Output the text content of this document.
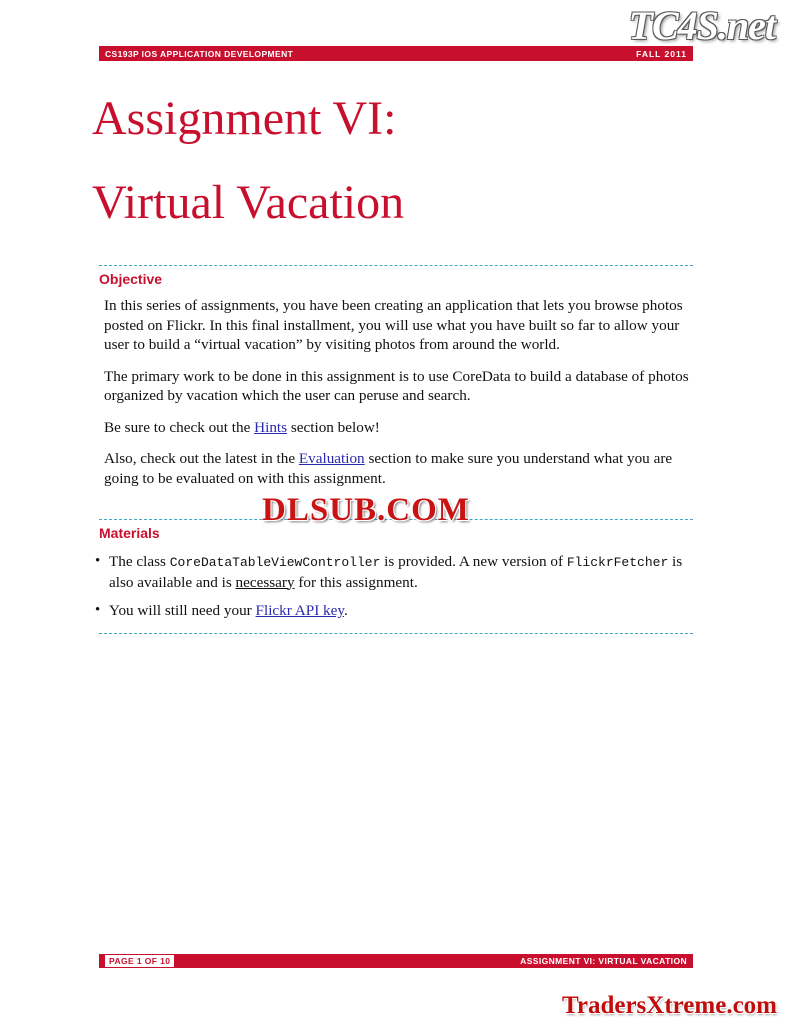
CS193P IOS APPLICATION DEVELOPMENT	FALL 2011
Assignment VI:
Virtual Vacation
Objective

In this series of assignments, you have been creating an application that lets you browse photos posted on Flickr. In this final installment, you will use what you have built so far to allow your user to build a “virtual vacation” by visiting photos from around the world.

The primary work to be done in this assignment is to use CoreData to build a database of photos organized by vacation which the user can peruse and search.

Be sure to check out the Hints section below!

Also, check out the latest in the Evaluation section to make sure you understand what you are going to be evaluated on with this assignment.

Materials
• The class CoreDataTableViewController is provided. A new version of FlickrFetcher is also available and is necessary for this assignment.
• You will still need your Flickr API key.
PAGE 1 OF 10	ASSIGNMENT VI: VIRTUAL VACATION
TC4S.net
DLSUB.COM
TradersXtreme.com
